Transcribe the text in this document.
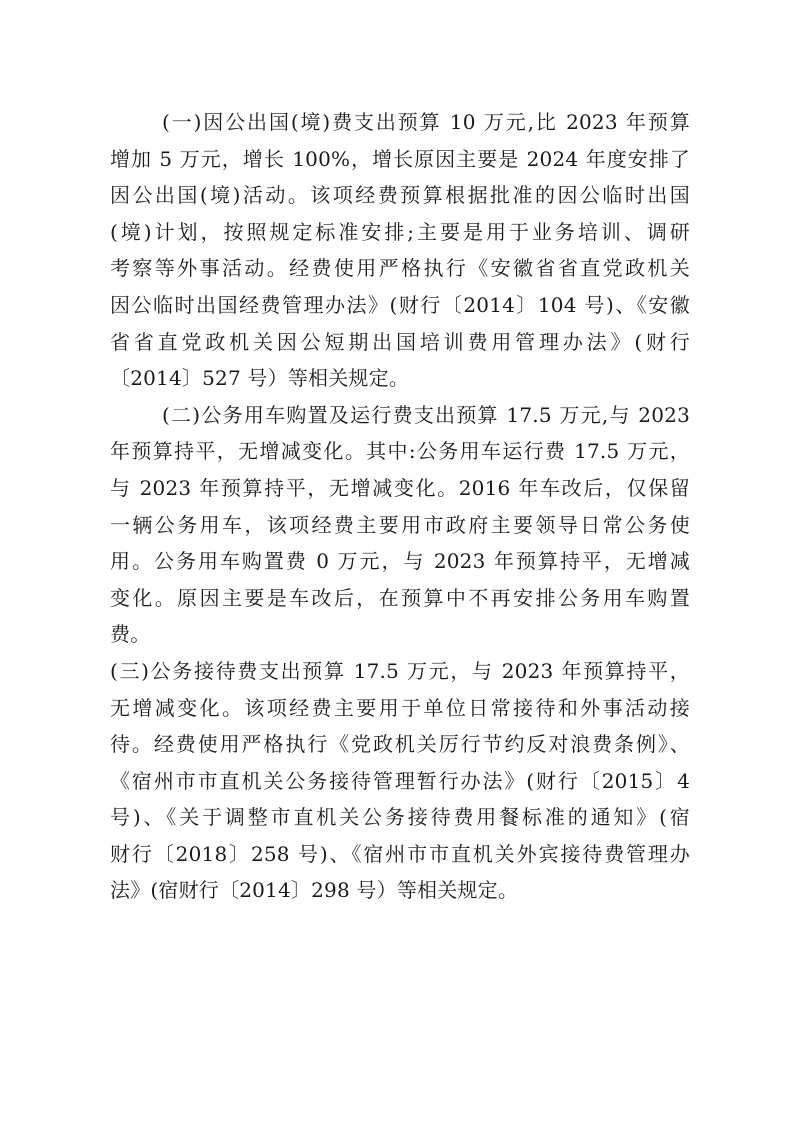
(一)因公出国(境)费支出预算 10 万元,比 2023 年预算
增加 5 万元，增长 100%，增长原因主要是 2024 年度安排了
因公出国(境)活动。该项经费预算根据批准的因公临时出国
(境)计划，按照规定标准安排;主要是用于业务培训、调研
考察等外事活动。经费使用严格执行《安徽省省直党政机关
因公临时出国经费管理办法》(财行〔2014〕104 号)、《安徽
省省直党政机关因公短期出国培训费用管理办法》(财行
〔2014〕527 号）等相关规定。
(二)公务用车购置及运行费支出预算 17.5 万元,与 2023
年预算持平，无增减变化。其中:公务用车运行费 17.5 万元，
与 2023 年预算持平，无增减变化。2016 年车改后，仅保留
一辆公务用车，该项经费主要用市政府主要领导日常公务使
用。公务用车购置费 0 万元，与 2023 年预算持平，无增减
变化。原因主要是车改后，在预算中不再安排公务用车购置
费。
(三)公务接待费支出预算 17.5 万元，与 2023 年预算持平，
无增减变化。该项经费主要用于单位日常接待和外事活动接
待。经费使用严格执行《党政机关厉行节约反对浪费条例》、
《宿州市市直机关公务接待管理暂行办法》(财行〔2015〕4
号)、《关于调整市直机关公务接待费用餐标准的通知》(宿
财行〔2018〕258 号)、《宿州市市直机关外宾接待费管理办
法》(宿财行〔2014〕298 号）等相关规定。
